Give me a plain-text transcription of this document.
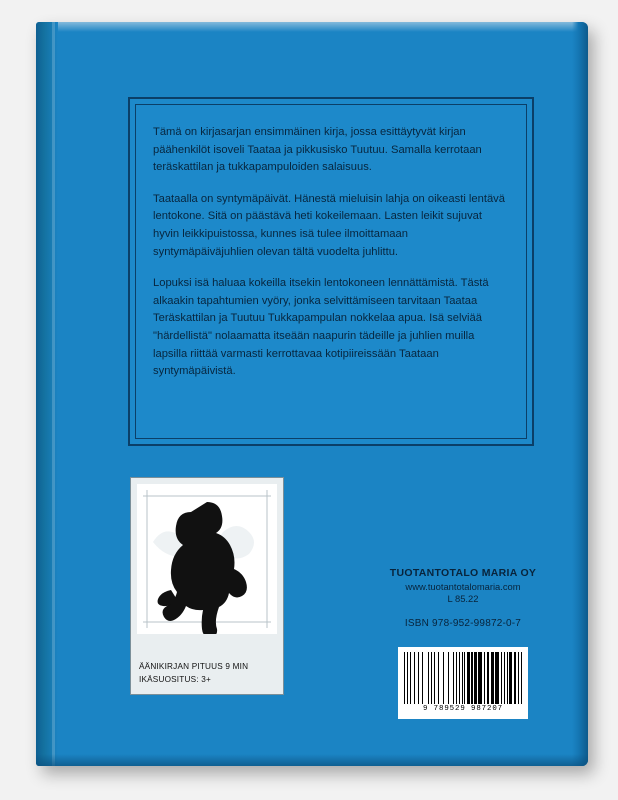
Tämä on kirjasarjan ensimmäinen kirja, jossa esittäytyvät kirjan päähenkilöt isoveli Taataa ja pikkusisko Tuutuu. Samalla kerrotaan teräskattilan ja tukkapampuloiden salaisuus.

Taataalla on syntymäpäivät. Hänestä mieluisin lahja on oikeasti lentävä lentokone. Sitä on päästävä heti kokeilemaan. Lasten leikit sujuvat hyvin leikkipuistossa, kunnes isä tulee ilmoittamaan syntymäpäiväjuhlien olevan tältä vuodelta juhlittu.

Lopuksi isä haluaa kokeilla itsekin lentokoneen lennättämistä. Tästä alkaakin tapahtumien vyöry, jonka selvittämiseen tarvitaan Taataa Teräskattilan ja Tuutuu Tukkapampulan nokkelaa apua. Isä selviää "härdellistä" nolaamatta itseään naapurin tädeille ja juhlien muilla lapsilla riittää varmasti kerrottavaa kotipiireissään Taataan syntymäpäivistä.

ÄÄNIKIRJAN PITUUS 9 MIN
IKÄSUOSITUS: 3+
TUOTANTOTALO MARIA OY
www.tuotantotalomaria.com
L 85.22
ISBN 978-952-99872-0-7
9 789529 987207
